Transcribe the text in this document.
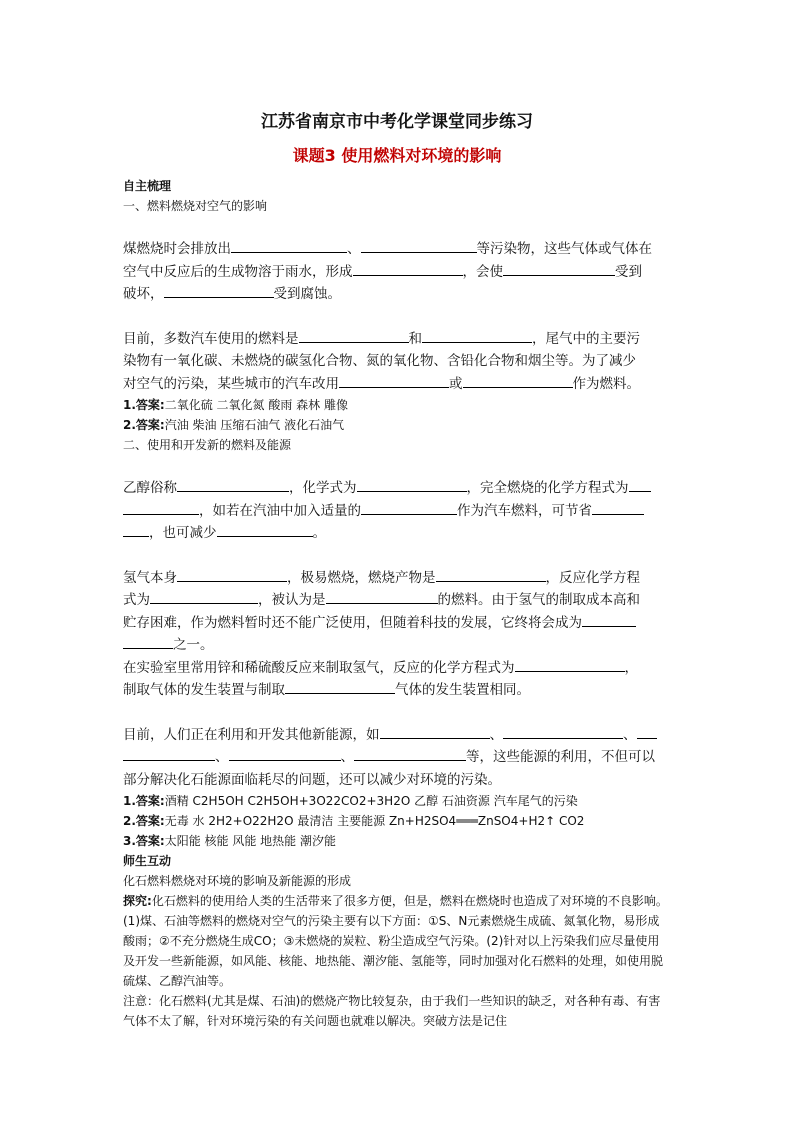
江苏省南京市中考化学课堂同步练习

课题3 使用燃料对环境的影响

自主梳理

一、燃料燃烧对空气的影响

煤燃烧时会排放出	、	等污染物，这些气体或气体在
空气中反应后的生成物溶于雨水，形成	，会使	受到
破坏，	受到腐蚀。
目前，多数汽车使用的燃料是	和	，尾气中的主要污
染物有一氧化碳、未燃烧的碳氢化合物、氮的氧化物、含铅化合物和烟尘等。为了减少
对空气的污染，某些城市的汽车改用	或	作为燃料。

1.答案:二氧化硫 二氧化氮 酸雨 森林 雕像

2.答案:汽油 柴油 压缩石油气 液化石油气

二、使用和开发新的燃料及能源

乙醇俗称	，化学式为	，完全燃烧的化学方程式为
，如若在汽油中加入适量的	作为汽车燃料，可节省
，也可减少	。
氢气本身	，极易燃烧，燃烧产物是	，反应化学方程
式为	，被认为是	的燃料。由于氢气的制取成本高和
贮存困难，作为燃料暂时还不能广泛使用，但随着科技的发展，它终将会成为
之一。
在实验室里常用锌和稀硫酸反应来制取氢气，反应的化学方程式为	，
制取气体的发生装置与制取	气体的发生装置相同。
目前，人们正在利用和开发其他新能源，如	、	、
、	、	等，这些能源的利用，不但可以
部分解决化石能源面临耗尽的问题，还可以减少对环境的污染。

1.答案:酒精 C2H5OH C2H5OH+3O22CO2+3H2O 乙醇 石油资源 汽车尾气的污染

2.答案:无毒 水 2H2+O22H2O 最清洁 主要能源 Zn+H2SO4═══ZnSO4+H2↑ CO2

3.答案:太阳能 核能 风能 地热能 潮汐能

师生互动

化石燃料燃烧对环境的影响及新能源的形成

探究:化石燃料的使用给人类的生活带来了很多方便，但是，燃料在燃烧时也造成了对环境的不良影响。(1)煤、石油等燃料的燃烧对空气的污染主要有以下方面：①S、N元素燃烧生成硫、氮氧化物，易形成酸雨；②不充分燃烧生成CO；③未燃烧的炭粒、粉尘造成空气污染。(2)针对以上污染我们应尽量使用及开发一些新能源，如风能、核能、地热能、潮汐能、氢能等，同时加强对化石燃料的处理，如使用脱硫煤、乙醇汽油等。

注意：化石燃料(尤其是煤、石油)的燃烧产物比较复杂，由于我们一些知识的缺乏，对各种有毒、有害气体不太了解，针对环境污染的有关问题也就难以解决。突破方法是记住
